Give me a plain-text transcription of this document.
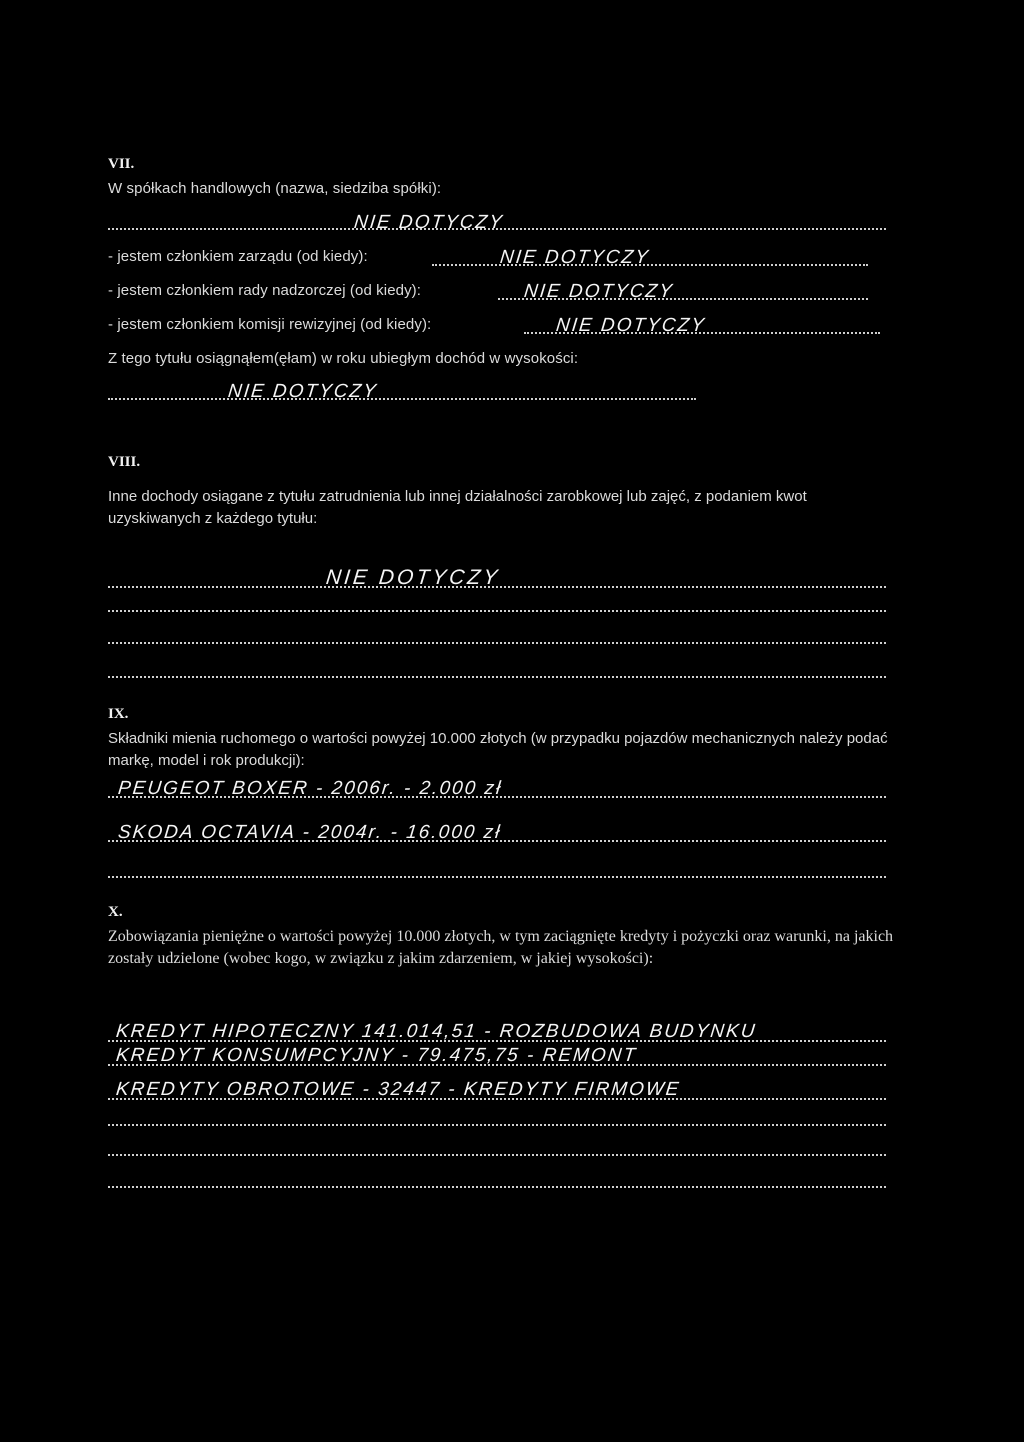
VII.
W spółkach handlowych (nazwa, siedziba spółki):
NIE DOTYCZY
- jestem członkiem zarządu (od kiedy):	NIE DOTYCZY
- jestem członkiem rady nadzorczej (od kiedy):	NIE DOTYCZY
- jestem członkiem komisji rewizyjnej (od kiedy):	NIE DOTYCZY
Z tego tytułu osiągnąłem(ęłam) w roku ubiegłym dochód w wysokości:
NIE DOTYCZY
VIII.
Inne dochody osiągane z tytułu zatrudnienia lub innej działalności zarobkowej lub zajęć, z podaniem kwot uzyskiwanych z każdego tytułu:
NIE DOTYCZY
IX.
Składniki mienia ruchomego o wartości powyżej 10.000 złotych (w przypadku pojazdów mechanicznych należy podać markę, model i rok produkcji):
PEUGEOT BOXER - 2006r. - 2.000 zł
SKODA OCTAVIA - 2004r. - 16.000 zł
X.
Zobowiązania pieniężne o wartości powyżej 10.000 złotych, w tym zaciągnięte kredyty i pożyczki oraz warunki, na jakich zostały udzielone (wobec kogo, w związku z jakim zdarzeniem, w jakiej wysokości):
KREDYT HIPOTECZNY 141.014,51 - ROZBUDOWA BUDYNKU
KREDYT KONSUMPCYJNY - 79.475,75 - REMONT
KREDYTY OBROTOWE - 32447 - KREDYTY FIRMOWE
